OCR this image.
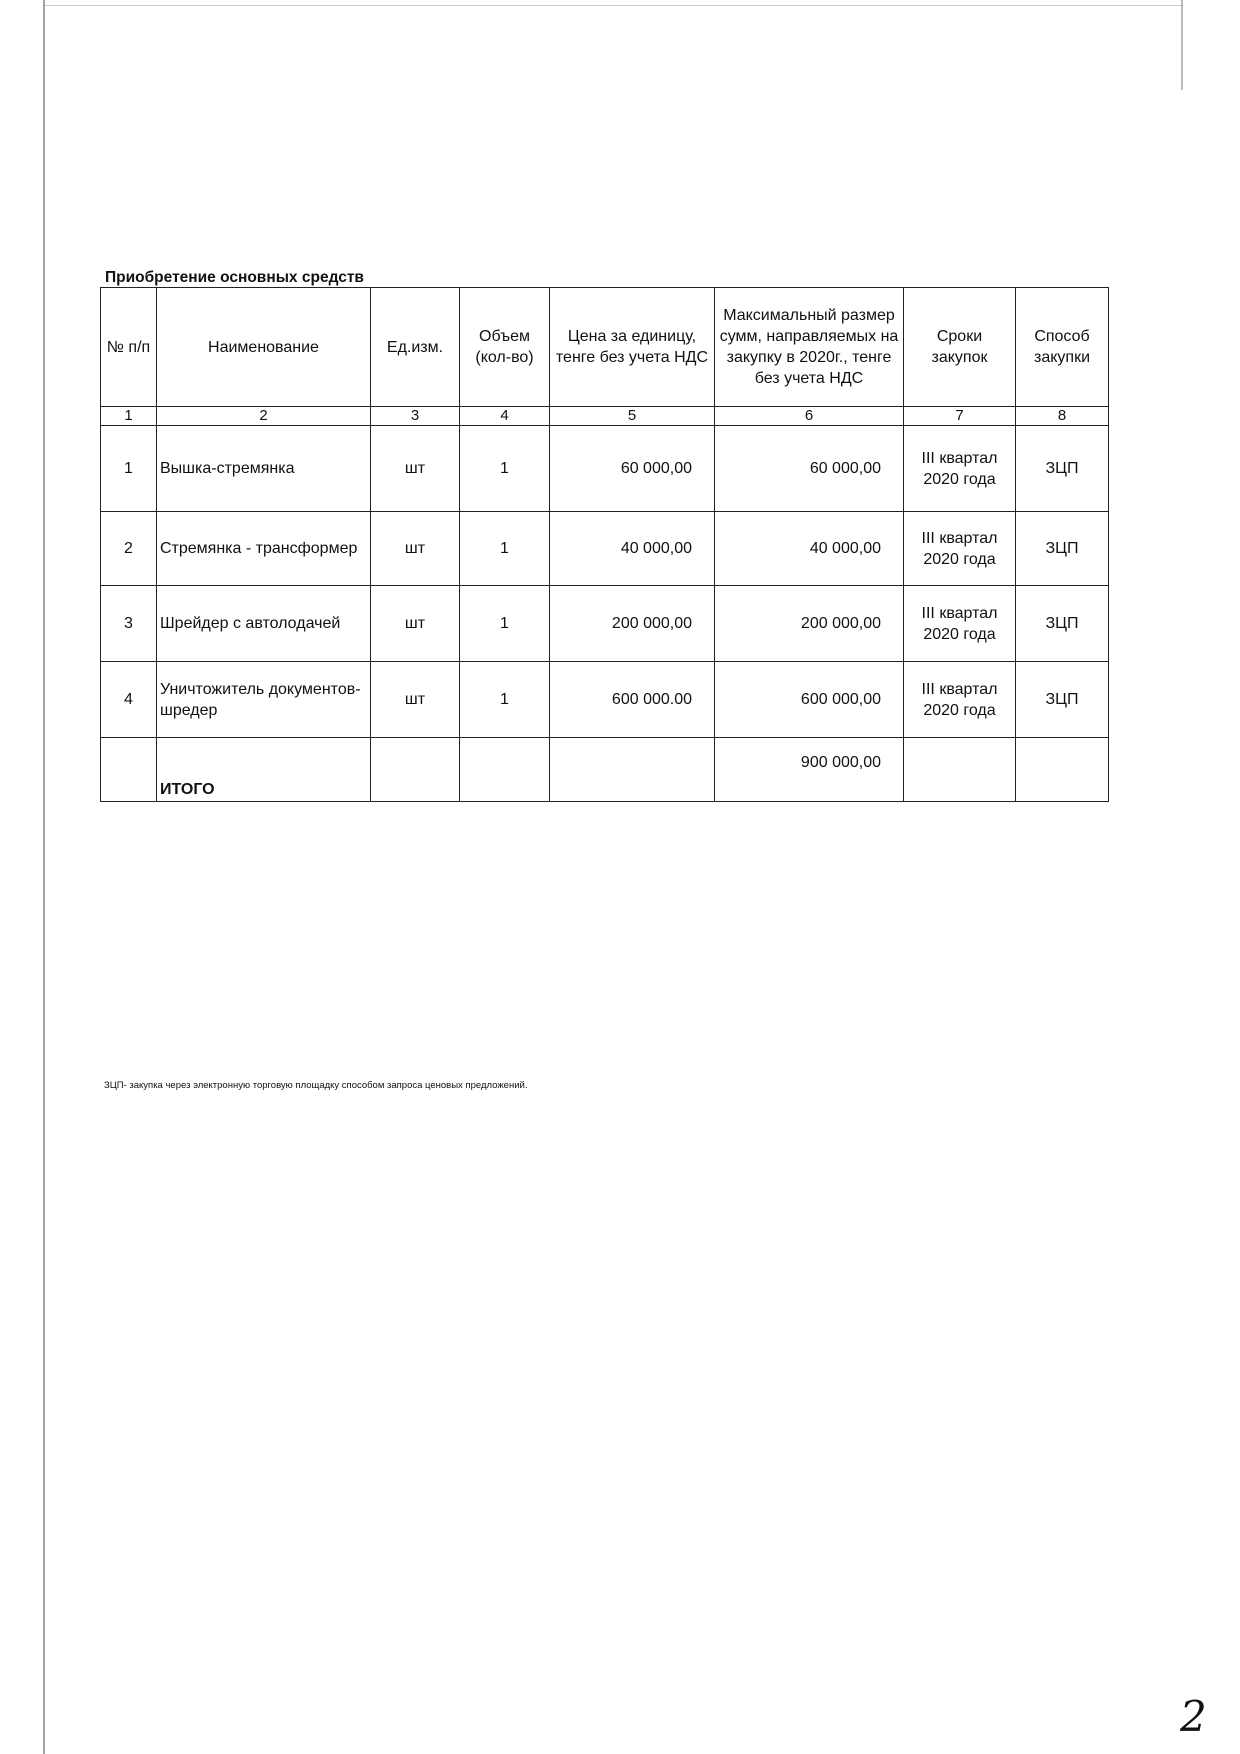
Приобретение основных средств
№ п/п	Наименование	Ед.изм.	Объем (кол-во)	Цена за единицу, тенге без учета НДС	Максимальный размер сумм, направляемых на закупку в 2020г., тенге без учета НДС	Сроки закупок	Способ закупки
1	2	3	4	5	6	7	8
1	Вышка-стремянка	шт	1	60 000,00	60 000,00	III квартал 2020 года	ЗЦП
2	Стремянка - трансформер	шт	1	40 000,00	40 000,00	III квартал 2020 года	ЗЦП
3	Шрейдер с автолодачей	шт	1	200 000,00	200 000,00	III квартал 2020 года	ЗЦП
4	Уничтожитель документов-шредер	шт	1	600 000.00	600 000,00	III квартал 2020 года	ЗЦП
	ИТОГО				900 000,00		
ЗЦП- закупка через электронную торговую площадку способом запроса ценовых предложений.
2
